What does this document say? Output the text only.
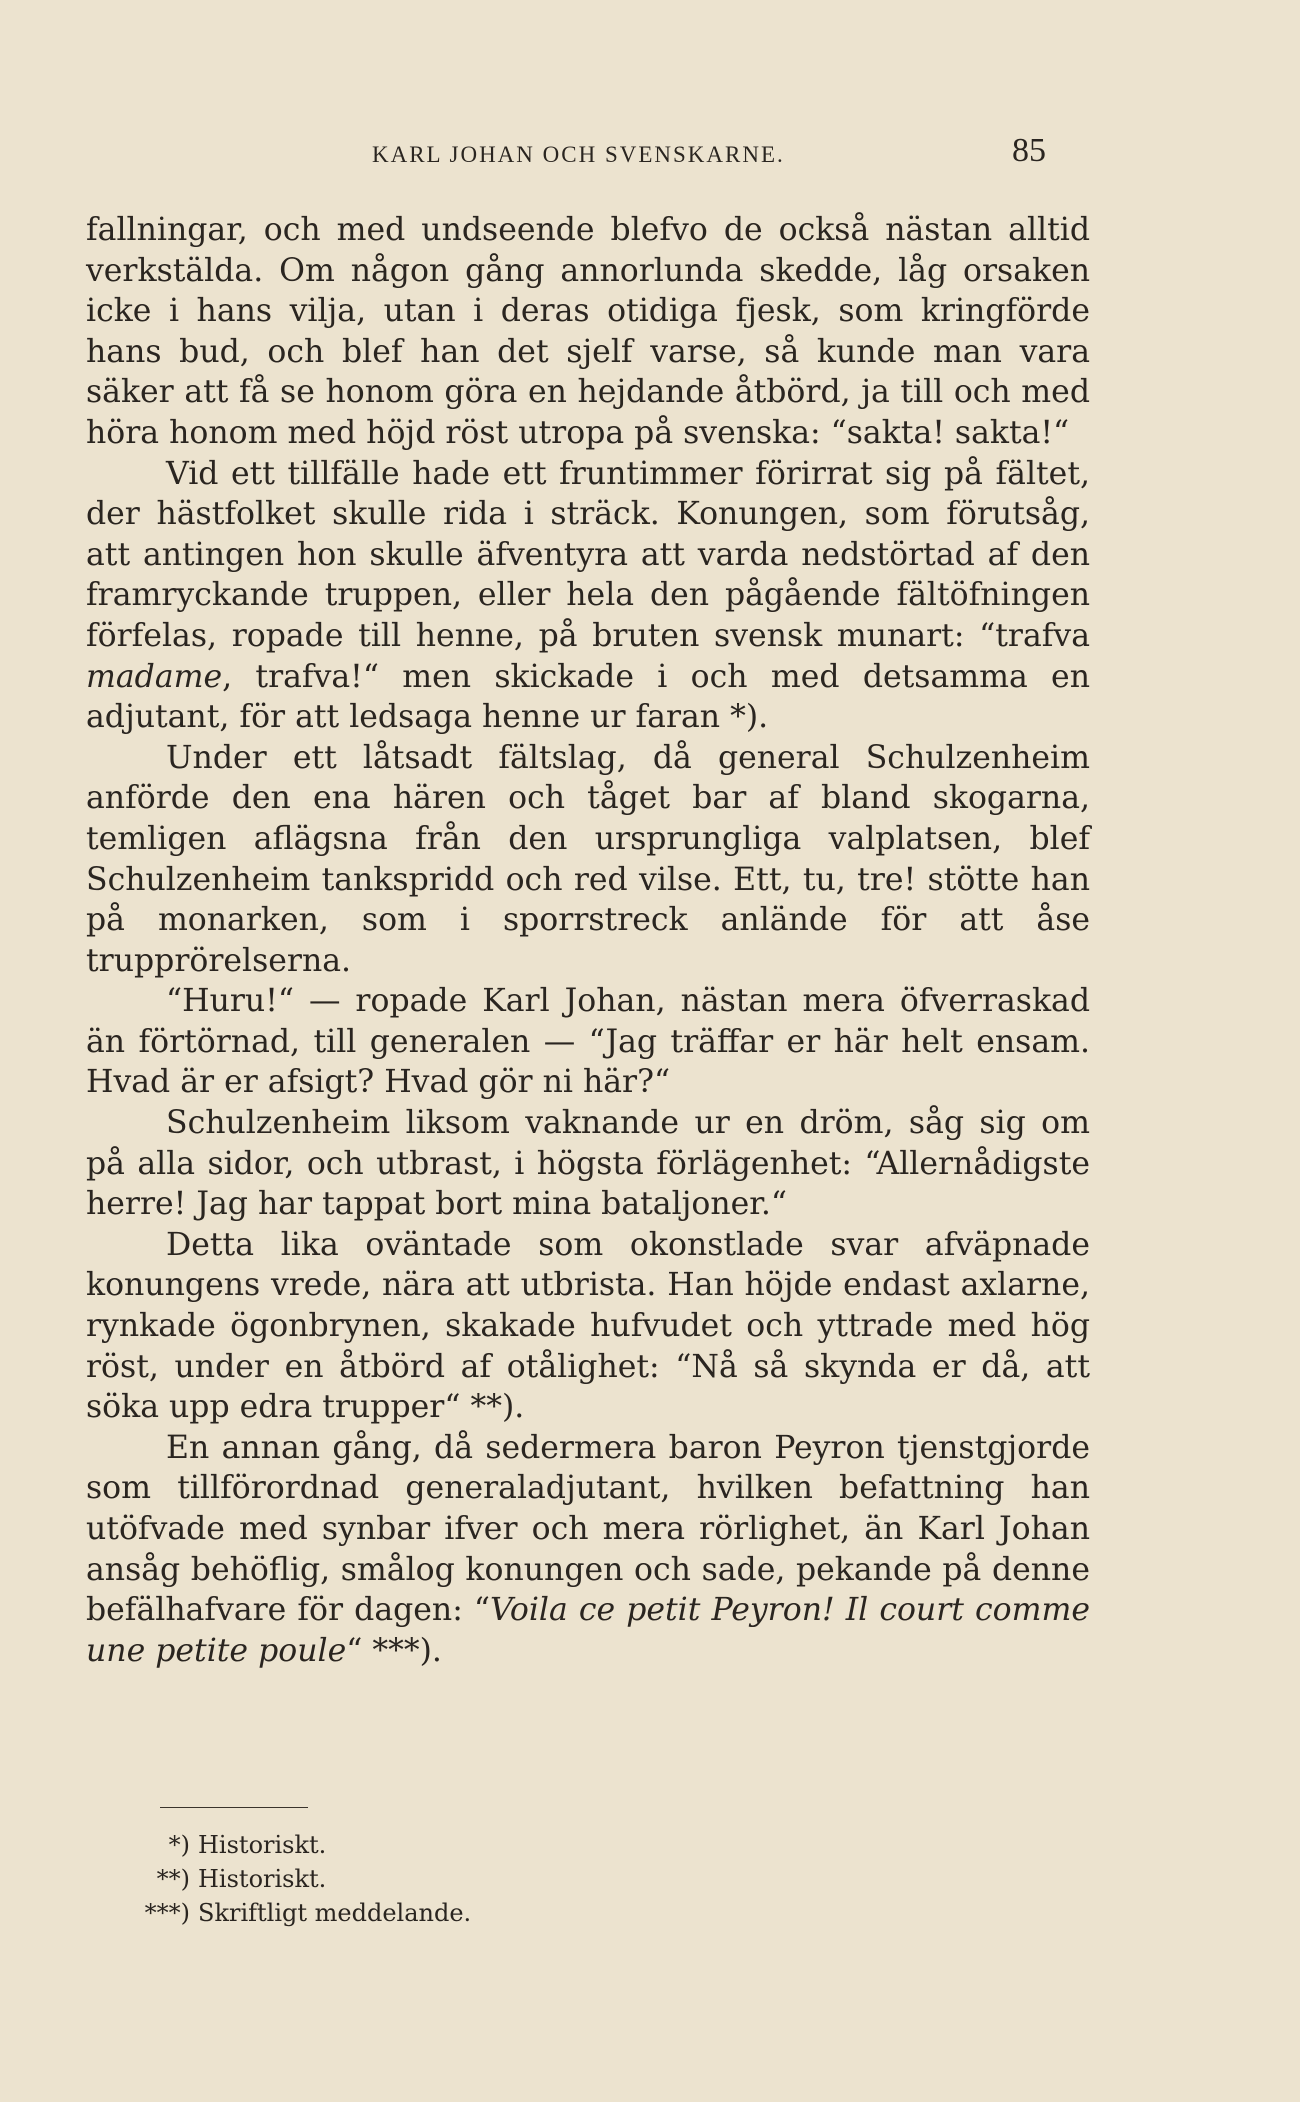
KARL JOHAN OCH SVENSKARNE.	85

fallningar, och med undseende blefvo de också nästan alltid verkstälda. Om någon gång annorlunda skedde, låg orsaken icke i hans vilja, utan i deras otidiga fjesk, som kringförde hans bud, och blef han det sjelf varse, så kunde man vara säker att få se honom göra en hejdande åtbörd, ja till och med höra honom med höjd röst utropa på svenska: “sakta! sakta!“

Vid ett tillfälle hade ett fruntimmer förirrat sig på fältet, der hästfolket skulle rida i sträck. Konungen, som förutsåg, att antingen hon skulle äfventyra att varda nedstörtad af den framryckande truppen, eller hela den pågående fältöfningen förfelas, ropade till henne, på bruten svensk munart: “trafva madame, trafva!“ men skickade i och med detsamma en adjutant, för att ledsaga henne ur faran *).

Under ett låtsadt fältslag, då general Schulzenheim anförde den ena hären och tåget bar af bland skogarna, temligen aflägsna från den ursprungliga valplatsen, blef Schulzenheim tankspridd och red vilse. Ett, tu, tre! stötte han på monarken, som i sporrstreck anlände för att åse trupprörelserna.

“Huru!“ — ropade Karl Johan, nästan mera öfverraskad än förtörnad, till generalen — “Jag träffar er här helt ensam. Hvad är er afsigt? Hvad gör ni här?“

Schulzenheim liksom vaknande ur en dröm, såg sig om på alla sidor, och utbrast, i högsta förlägenhet: “Allernådigste herre! Jag har tappat bort mina bataljoner.“

Detta lika oväntade som okonstlade svar afväpnade konungens vrede, nära att utbrista. Han höjde endast axlarne, rynkade ögonbrynen, skakade hufvudet och yttrade med hög röst, under en åtbörd af otålighet: “Nå så skynda er då, att söka upp edra trupper“ **).

En annan gång, då sedermera baron Peyron tjenstgjorde som tillförordnad generaladjutant, hvilken befattning han utöfvade med synbar ifver och mera rörlighet, än Karl Johan ansåg behöflig, smålog konungen och sade, pekande på denne befälhafvare för dagen: “Voila ce petit Peyron! Il court comme une petite poule“ ***).

*) Historiskt.
**) Historiskt.
***) Skriftligt meddelande.
